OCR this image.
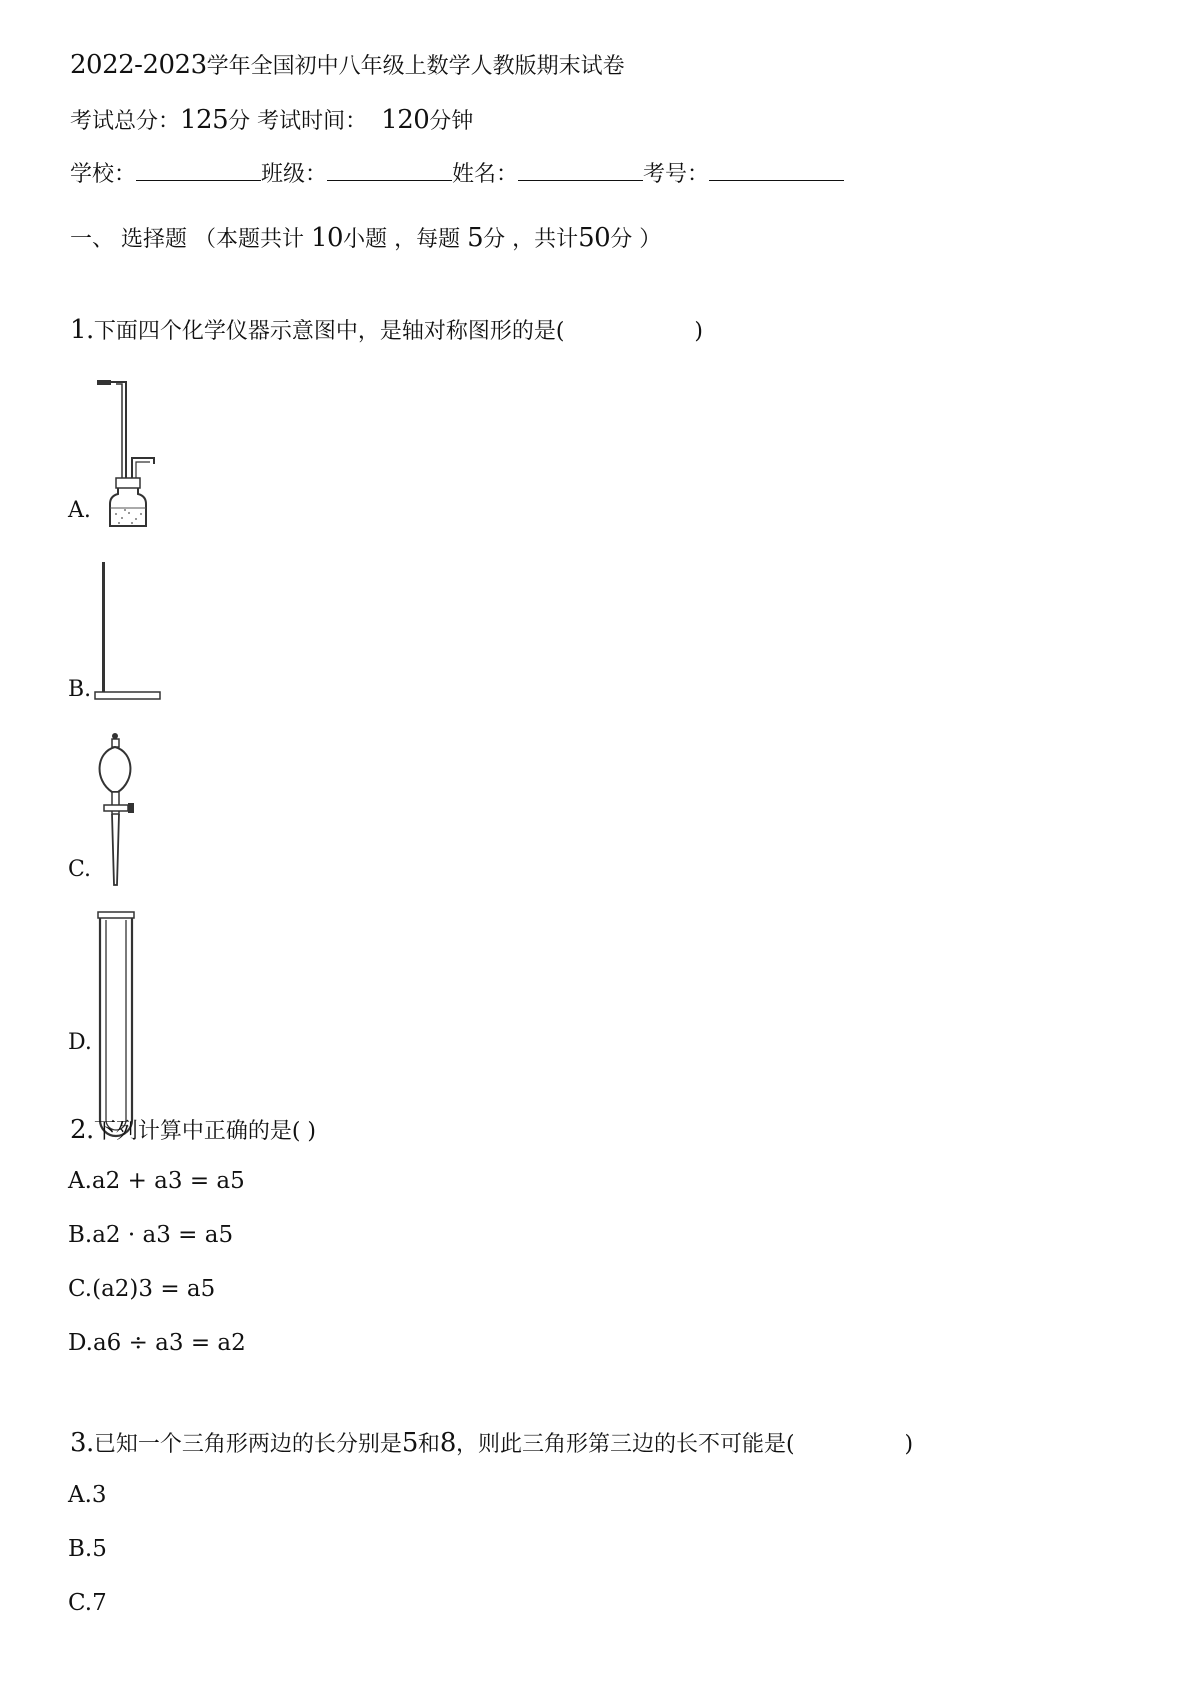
2022-2023学年全国初中八年级上数学人教版期末试卷
考试总分：125分 考试时间： 120分钟
学校：	班级：	姓名：	考号：
一、 选择题 （本题共计 10小题 ，每题 5分 ，共计50分 ）
1.下面四个化学仪器示意图中，是轴对称图形的是(	)
A.
B.
C.
D.
2.下列计算中正确的是( )
A.a2 + a3 = a5
B.a2 · a3 = a5
C.(a2)3 = a5
D.a6 ÷ a3 = a2
3.已知一个三角形两边的长分别是5和8，则此三角形第三边的长不可能是(	)
A.3
B.5
C.7
